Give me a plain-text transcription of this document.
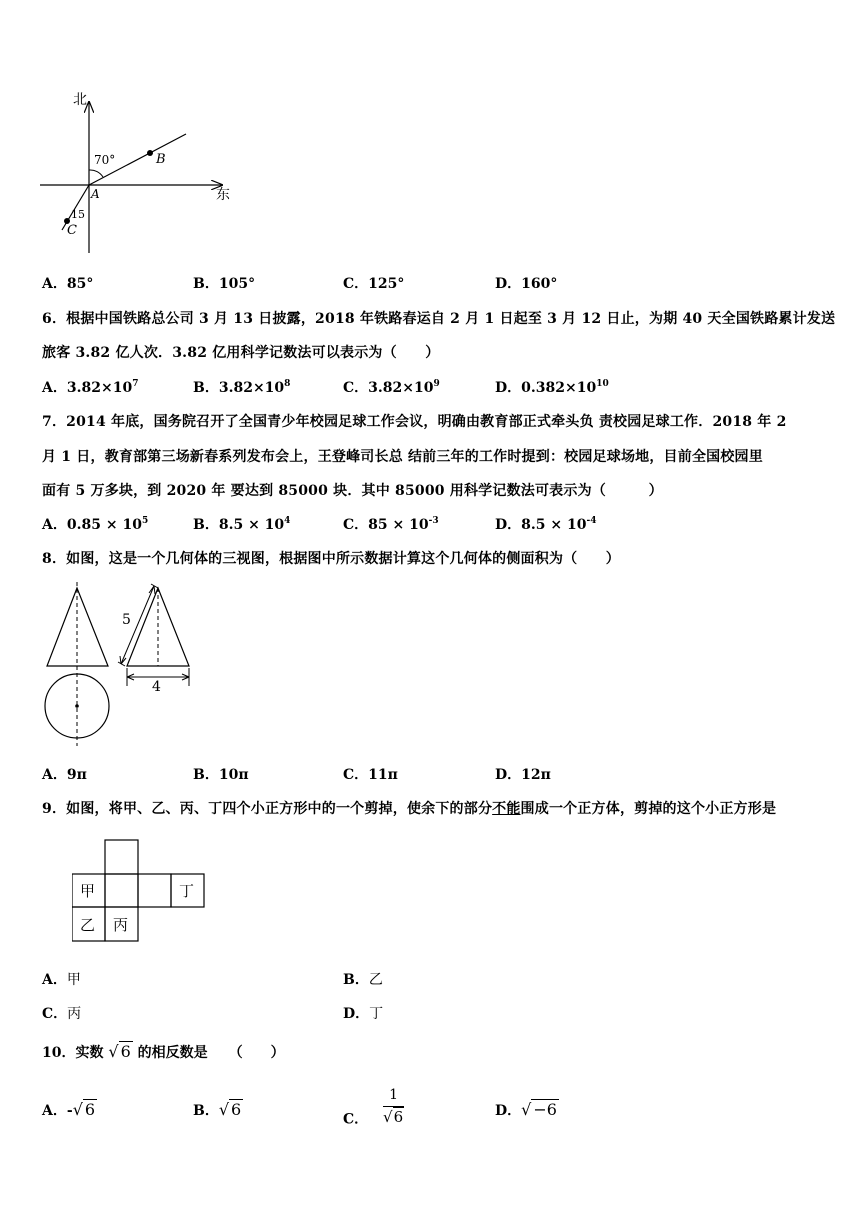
北
东
70°
15
A
B
C
A．85°	B．105°	C．125°	D．160°
6．根据中国铁路总公司 3 月 13 日披露，2018 年铁路春运自 2 月 1 日起至 3 月 12 日止，为期 40 天全国铁路累计发送
旅客 3.82 亿人次．3.82 亿用科学记数法可以表示为（　　）
A．$3.82\times 10^7$	B．$3.82\times 10^8$	C．$3.82\times 10^9$	D．$0.382\times 10^{10}$
7．2014 年底，国务院召开了全国青少年校园足球工作会议，明确由教育部正式牵头负 责校园足球工作．2018 年 2
月 1 日，教育部第三场新春系列发布会上，王登峰司长总 结前三年的工作时提到：校园足球场地，目前全国校园里
面有 5 万多块，到 2020 年 要达到 85000 块．其中 85000 用科学记数法可表示为（　　　）
A．$0.85 \times 10^5$	B．$8.5 \times 10^4$	C．$85 \times 10^{-3}$	D．$8.5 \times 10^{-4}$
8．如图，这是一个几何体的三视图，根据图中所示数据计算这个几何体的侧面积为（　　）
5
4
A．9π	B．10π	C．11π	D．12π
9．如图，将甲、乙、丙、丁四个小正方形中的一个剪掉，使余下的部分不能围成一个正方体，剪掉的这个小正方形是
甲	丁
乙 丙
A．甲	B．乙
C．丙	D．丁
10．实数 √ 6 的相反数是　　（　　）
A．-√ 6	B．√ 6
C． $\frac{1}{√6}$	D．√ −6
